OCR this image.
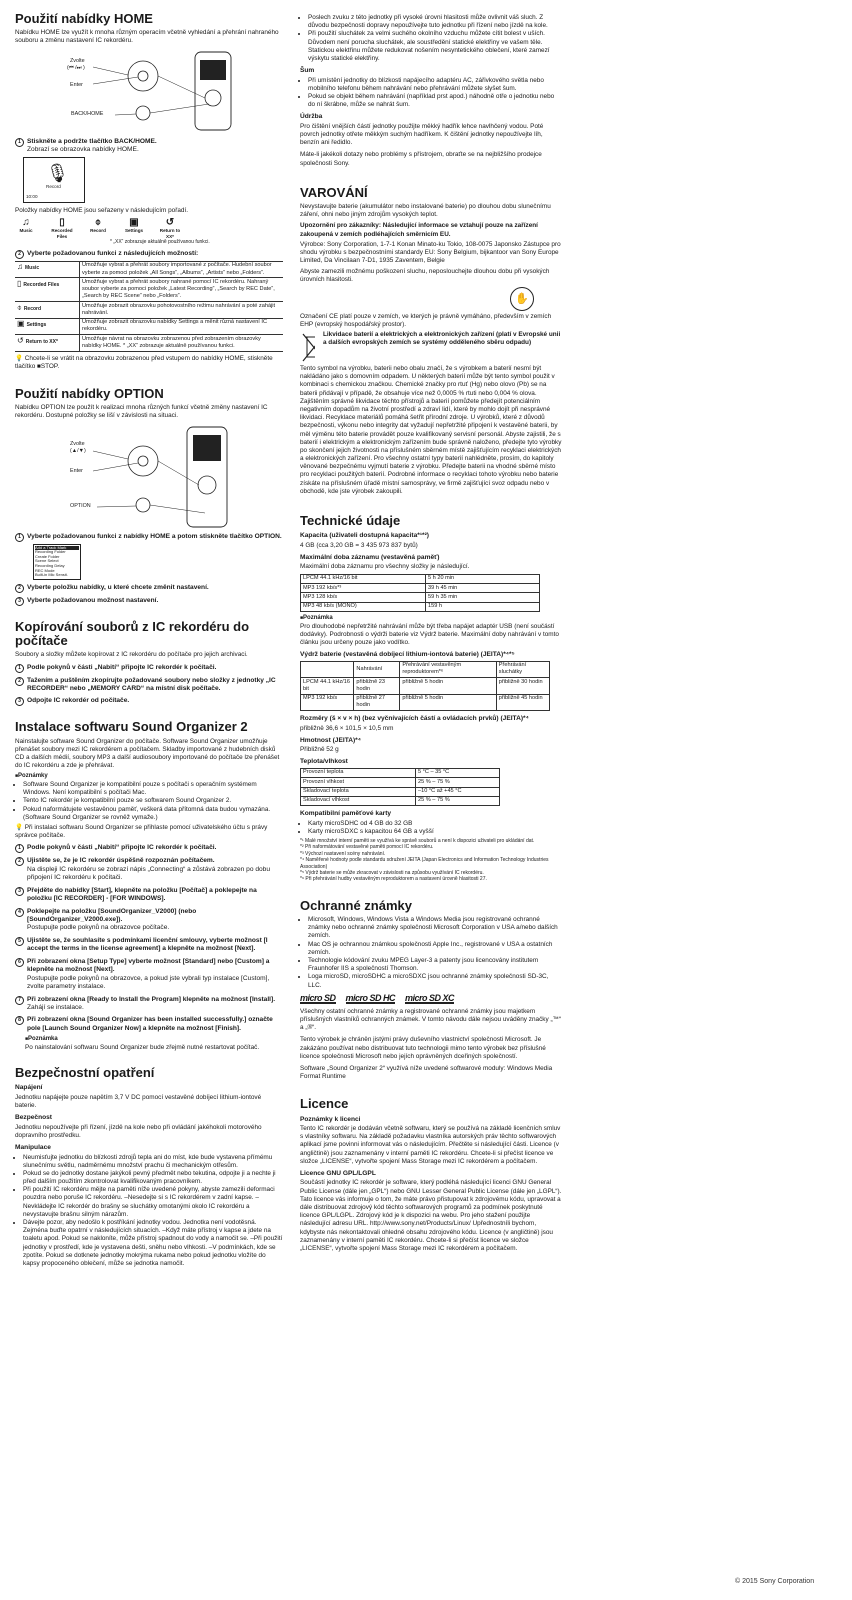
Použití nabídky HOME

Nabídku HOME lze využít k mnoha různým operacím včetně vyhledání a přehrání nahraného souboru a změnu nastavení IC rekordéru.

Zvolte
(⏮ /⏭ )
Enter
BACK/HOME
1 Stiskněte a podržte tlačítko BACK/HOME.
Zobrazí se obrazovka nabídky HOME.
🎙
Record
10:00

Položky nabídky HOME jsou seřazeny v následujícím pořadí.

♫
Music
▯
Recorded Files
⌽
Record
▣
Settings
↺
Return to XX*

* „XX“ zobrazuje aktuálně používanou funkci.

2 Vyberte požadovanou funkci z následujících možností:
♫ Music	Umožňuje vybrat a přehrát soubory importované z počítače. Hudební soubor vyberte za pomoci položek „All Songs“, „Albums“, „Artists“ nebo „Folders“.
▯ Recorded Files	Umožňuje vybrat a přehrát soubory nahrané pomocí IC rekordéru. Nahraný soubor vyberte za pomoci položek „Latest Recording“, „Search by REC Date“, „Search by REC Scene“ nebo „Folders“.
⌽ Record	Umožňuje zobrazit obrazovku pohotovostního režimu nahrávání a poté zahájit nahrávání.
▣ Settings	Umožňuje zobrazit obrazovku nabídky Settings a měnit různá nastavení IC rekordéru.
↺ Return to XX*	Umožňuje návrat na obrazovku zobrazenou před zobrazením obrazovky nabídky HOME. * „XX“ zobrazuje aktuálně používanou funkci.

💡 Chcete-li se vrátit na obrazovku zobrazenou před vstupem do nabídky HOME, stiskněte tlačítko ■STOP.

Použití nabídky OPTION

Nabídku OPTION lze použít k realizaci mnoha různých funkcí včetně změny nastavení IC rekordéru. Dostupné položky se liší v závislosti na situaci.

Zvolte
(▲/▼)
Enter
OPTION
1 Vyberte požadovanou funkci z nabídky HOME a potom stiskněte tlačítko OPTION.
Add a Track Mark
Recording Folder
Create Folder
Scene Select
Recording Delay
REC Mode
Built-in Mic Sensit.
2 Vyberte položku nabídky, u které chcete změnit nastavení.
3 Vyberte požadovanou možnost nastavení.
Kopírování souborů z IC rekordéru do počítače

Soubory a složky můžete kopírovat z IC rekordéru do počítače pro jejich archivaci.

1 Podle pokynů v části „Nabití“ připojte IC rekordér k počítači.
2 Tažením a puštěním zkopírujte požadované soubory nebo složky z jednotky „IC RECORDER“ nebo „MEMORY CARD“ na místní disk počítače.
3 Odpojte IC rekordér od počítače.
Instalace softwaru Sound Organizer 2

Nainstalujte software Sound Organizer do počítače. Software Sound Organizer umožňuje přenášet soubory mezi IC rekordérem a počítačem. Skladby importované z hudebních disků CD a dalších médií, soubory MP3 a další audiosoubory importované do počítače lze přenášet do IC rekordéru a zde je přehrávat.

■ Poznámky
• Software Sound Organizer je kompatibilní pouze s počítači s operačním systémem Windows. Není kompatibilní s počítači Mac.
• Tento IC rekordér je kompatibilní pouze se softwarem Sound Organizer 2.
• Pokud naformátujete vestavěnou paměť, veškerá data přítomná data budou vymazána. (Software Sound Organizer se rovněž vymaže.)

💡 Při instalaci softwaru Sound Organizer se přihlaste pomocí uživatelského účtu s právy správce počítače.

1 Podle pokynů v části „Nabití“ připojte IC rekordér k počítači.
2 Ujistěte se, že je IC rekordér úspěšně rozpoznán počítačem.
Na displeji IC rekordéru se zobrazí nápis „Connecting“ a zůstává zobrazen po dobu připojení IC rekordéru k počítači.
3 Přejděte do nabídky [Start], klepněte na položku [Počítač] a poklepejte na položku [IC RECORDER] - [FOR WINDOWS].
4 Poklepejte na položku [SoundOrganizer_V2000] (nebo [SoundOrganizer_V2000.exe]).
Postupujte podle pokynů na obrazovce počítače.
5 Ujistěte se, že souhlasíte s podmínkami licenční smlouvy, vyberte možnost [I accept the terms in the license agreement] a klepněte na možnost [Next].
6 Při zobrazení okna [Setup Type] vyberte možnost [Standard] nebo [Custom] a klepněte na možnost [Next].
Postupujte podle pokynů na obrazovce, a pokud jste vybrali typ instalace [Custom], zvolte parametry instalace.
7 Při zobrazení okna [Ready to Install the Program] klepněte na možnost [Install].
Zahájí se instalace.
8 Při zobrazení okna [Sound Organizer has been installed successfully.] označte pole [Launch Sound Organizer Now] a klepněte na možnost [Finish].
■ Poznámka

Po nainstalování softwaru Sound Organizer bude zřejmě nutné restartovat počítač.

Bezpečnostní opatření
Napájení

Jednotku napájejte pouze napětím 3,7 V DC pomocí vestavěné dobíjecí lithium-iontové baterie.

Bezpečnost

Jednotku nepoužívejte při řízení, jízdě na kole nebo při ovládání jakéhokoli motorového dopravního prostředku.

Manipulace
• Neumisťujte jednotku do blízkosti zdrojů tepla ani do míst, kde bude vystavena přímému slunečnímu světlu, nadměrnému množství prachu či mechanickým otřesům.
• Pokud se do jednotky dostane jakýkoli pevný předmět nebo tekutina, odpojte ji a nechte ji před dalším použitím zkontrolovat kvalifikovaným pracovníkem.
• Při použití IC rekordéru mějte na paměti níže uvedené pokyny, abyste zamezili deformaci pouzdra nebo poruše IC rekordéru. –Nesedejte si s IC rekordérem v zadní kapse. –Nevkládejte IC rekordér do brašny se sluchátky omotanými okolo IC rekordéru a nevystavujte brašnu silným nárazům.
• Dávejte pozor, aby nedošlo k postříkání jednotky vodou. Jednotka není vodotěsná. Zejména buďte opatrní v následujících situacích. –Když máte přístroj v kapse a jdete na toaletu apod. Pokud se nakloníte, může přístroj spadnout do vody a namočit se. –Při použití jednotky v prostředí, kde je vystavena dešti, sněhu nebo vlhkosti. –V podmínkách, kde se zpotíte. Pokud se dotknete jednotky mokrýma rukama nebo pokud jednotku vložíte do kapsy propoceného oblečení, může se jednotka namočit.
• Poslech zvuku z této jednotky při vysoké úrovni hlasitosti může ovlivnit váš sluch. Z důvodu bezpečnosti dopravy nepoužívejte tuto jednotku při řízení nebo jízdě na kole.
• Při použití sluchátek za velmi suchého okolního vzduchu můžete cítit bolest v uších. Důvodem není porucha sluchátek, ale soustředění statické elektřiny ve vašem těle. Statickou elektřinu můžete redukovat nošením nesyntetického oblečení, které zamezí výskytu statické elektřiny.
Šum
• Při umístění jednotky do blízkosti napájecího adaptéru AC, zářivkového světla nebo mobilního telefonu během nahrávání nebo přehrávání můžete slyšet šum.
• Pokud se objekt během nahrávání (například prst apod.) náhodně otře o jednotku nebo do ní škrábne, může se nahrát šum.
Údržba

Pro čištění vnějších částí jednotky použijte měkký hadřík lehce navlhčený vodou. Poté povrch jednotky otřete měkkým suchým hadříkem. K čištění jednotky nepoužívejte líh, benzín ani ředidlo.

Máte-li jakékoli dotazy nebo problémy s přístrojem, obraťte se na nejbližšího prodejce společnosti Sony.

VAROVÁNÍ

Nevystavujte baterie (akumulátor nebo instalované baterie) po dlouhou dobu slunečnímu záření, ohni nebo jiným zdrojům vysokých teplot.

Upozornění pro zákazníky: Následující informace se vztahují pouze na zařízení zakoupená v zemích podléhajících směrnicím EU.

Výrobce: Sony Corporation, 1-7-1 Konan Minato-ku Tokio, 108-0075 Japonsko Zástupce pro shodu výrobku s bezpečnostními standardy EU: Sony Belgium, bijkantoor van Sony Europe Limited, Da Vincilaan 7-D1, 1935 Zaventem, Belgie

Abyste zamezili možnému poškození sluchu, neposlouchejte dlouhou dobu při vysokých úrovních hlasitosti.

✋

Označení CE platí pouze v zemích, ve kterých je právně vymáháno, především v zemích EHP (evropský hospodářský prostor).

Likvidace baterií a elektrických a elektronických zařízení (platí v Evropské unii a dalších evropských zemích se systémy odděleného sběru odpadu)

Tento symbol na výrobku, baterii nebo obalu značí, že s výrobkem a baterií nesmí být nakládáno jako s domovním odpadem. U některých baterií může být tento symbol použit v kombinaci s chemickou značkou. Chemické značky pro rtuť (Hg) nebo olovo (Pb) se na baterii přidávají v případě, že obsahuje více než 0,0005 % rtuti nebo 0,004 % olova. Zajištěním správné likvidace těchto přístrojů a baterií pomůžete předejít potenciálním negativním dopadům na životní prostředí a zdraví lidí, které by mohlo dojít při nesprávné likvidaci. Recyklace materiálů pomáhá šetřit přírodní zdroje. U výrobků, které z důvodů bezpečnosti, výkonu nebo integrity dat vyžadují nepřetržité připojení k vestavěné baterii, by měl výměnu této baterie provádět pouze kvalifikovaný servisní personál. Abyste zajistili, že s baterií i elektrickým a elektronickým zařízením bude správně naloženo, předejte tyto výrobky po skončení jejich životnosti na příslušném sběrném místě zajišťujícím recyklaci elektrických a elektronických zařízení. Pro všechny ostatní typy baterií nahlédněte, prosím, do kapitoly věnované bezpečnému vyjmutí baterie z výrobku. Předejte baterii na vhodné sběrné místo pro recyklaci použitých baterií. Podrobné informace o recyklaci tohoto výrobku nebo baterie získáte na příslušném úřadě místní samosprávy, ve firmě zajišťující svoz odpadu nebo v obchodě, kde jste výrobek zakoupili.

Technické údaje
Kapacita (uživateli dostupná kapacita*¹*²)

4 GB (cca 3,20 GB = 3 435 973 837 bytů)

Maximální doba záznamu (vestavěná paměť)

Maximální doba záznamu pro všechny složky je následující.

LPCM 44.1 kHz/16 bit	5 h 20 min
MP3 192 kb/s*³	39 h 45 min
MP3 128 kb/s	59 h 35 min
MP3 48 kb/s (MONO)	159 h
■ Poznámka

Pro dlouhodobé nepřetržité nahrávání může být třeba napájet adaptér USB (není součástí dodávky). Podrobnosti o výdrži baterie viz Výdrž baterie. Maximální doby nahrávání v tomto článku jsou určeny pouze jako vodítko.

Výdrž baterie (vestavěná dobíjecí lithium-iontová baterie) (JEITA)*⁴*⁵
	Nahrávání	Přehrávání vestavěným reproduktorem*⁶	Přehrávání sluchátky
LPCM 44.1 kHz/16 bit	přibližně 23 hodin	přibližně 5 hodin	přibližně 30 hodin
MP3 192 kb/s	přibližně 27 hodin	přibližně 5 hodin	přibližně 45 hodin
Rozměry (š × v × h) (bez vyčnívajících částí a ovládacích prvků) (JEITA)*⁴

přibližně 36,6 × 101,5 × 10,5 mm

Hmotnost (JEITA)*⁴

Přibližně 52 g

Teplota/vlhkost
Provozní teplota	5 °C – 35 °C
Provozní vlhkost	25 % – 75 %
Skladovací teplota	–10 °C až +45 °C
Skladovací vlhkost	25 % – 75 %
Kompatibilní paměťové karty
• Karty microSDHC od 4 GB do 32 GB
• Karty microSDXC s kapacitou 64 GB a vyšší

*¹ Malé množství interní paměti se využívá ke správě souborů a není k dispozici uživateli pro ukládání dat.

*² Při naformátování vestavěné paměti pomocí IC rekordéru.

*³ Výchozí nastavení scény nahrávání.

*⁴ Naměřené hodnoty podle standardu sdružení JEITA (Japan Electronics and Information Technology Industries Association)

*⁵ Výdrž baterie se může zkracovat v závislosti na způsobu využívání IC rekordéru.

*⁶ Při přehrávání hudby vestavěným reproduktorem a nastavení úrovně hlasitosti 27.

Ochranné známky
• Microsoft, Windows, Windows Vista a Windows Media jsou registrované ochranné známky nebo ochranné známky společnosti Microsoft Corporation v USA a/nebo dalších zemích.
• Mac OS je ochrannou známkou společnosti Apple Inc., registrované v USA a ostatních zemích.
• Technologie kódování zvuku MPEG Layer-3 a patenty jsou licencovány institutem Fraunhofer IIS a společností Thomson.
• Loga microSD, microSDHC a microSDXC jsou ochranné známky společnosti SD-3C, LLC.
micro SD micro SD HC micro SD XC

Všechny ostatní ochranné známky a registrované ochranné známky jsou majetkem příslušných vlastníků ochranných známek. V tomto návodu dále nejsou uváděny značky „™“ a „®“.

Tento výrobek je chráněn jistými právy duševního vlastnictví společnosti Microsoft. Je zakázáno používat nebo distribuovat tuto technologii mimo tento výrobek bez příslušné licence společnosti Microsoft nebo jejích oprávněných dceřiných společností.

Software „Sound Organizer 2“ využívá níže uvedené softwarové moduly: Windows Media Format Runtime

Licence
Poznámky k licenci

Tento IC rekordér je dodáván včetně softwaru, který se používá na základě licenčních smluv s vlastníky softwaru. Na základě požadavku vlastníka autorských práv těchto softwarových aplikací jsme povinni informovat vás o následujícím. Přečtěte si následující části. Licence (v angličtině) jsou zaznamenány v interní paměti IC rekordéru. Chcete-li si přečíst licence ve složce „LICENSE“, vytvořte spojení Mass Storage mezi IC rekordérem a počítačem.

Licence GNU GPL/LGPL

Součástí jednotky IC rekordér je software, který podléhá následující licenci GNU General Public License (dále jen „GPL“) nebo GNU Lesser General Public License (dále jen „LGPL“). Tato licence vás informuje o tom, že máte právo přistupovat k zdrojovému kódu, upravovat a dále distribuovat zdrojový kód těchto softwarových programů za podmínek poskytnuté licence GPL/LGPL. Zdrojový kód je k dispozici na webu. Pro jeho stažení použijte následující adresu URL. http://www.sony.net/Products/Linux/ Upřednostníli bychom, kdybyste nás nekontaktovali ohledně obsahu zdrojového kódu. Licence (v angličtině) jsou zaznamenány v interní paměti IC rekordéru. Chcete-li si přečíst licence ve složce „LICENSE“, vytvořte spojení Mass Storage mezi IC rekordérem a počítačem.

© 2015 Sony Corporation
